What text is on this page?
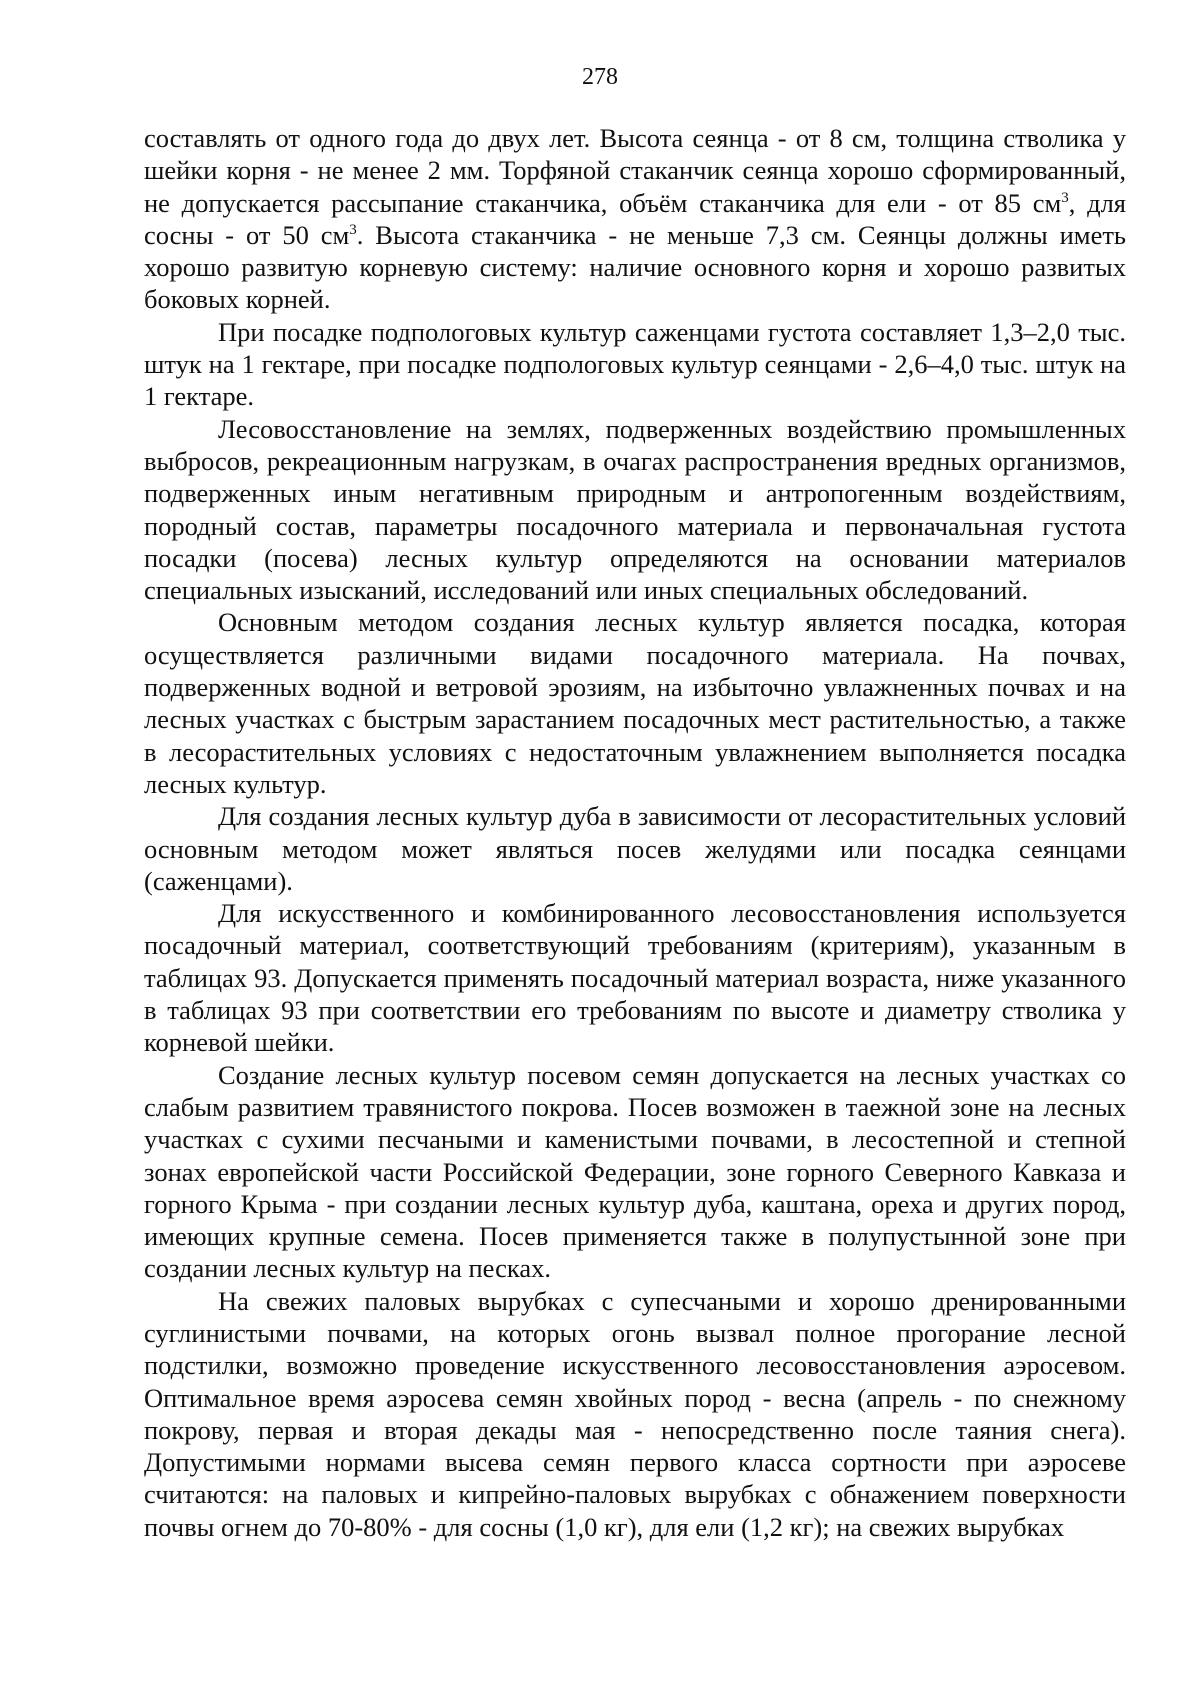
278

составлять от одного года до двух лет. Высота сеянца - от 8 см, толщина стволика у шейки корня - не менее 2 мм. Торфяной стаканчик сеянца хорошо сформированный, не допускается рассыпание стаканчика, объём стаканчика для ели - от 85 $см^3$, для сосны - от 50 $см^3$. Высота стаканчика - не меньше 7,3 см. Сеянцы должны иметь хорошо развитую корневую систему: наличие основного корня и хорошо развитых боковых корней.

При посадке подпологовых культур саженцами густота составляет 1,3–2,0 тыс. штук на 1 гектаре, при посадке подпологовых культур сеянцами - 2,6–4,0 тыс. штук на 1 гектаре.

Лесовосстановление на землях, подверженных воздействию промышленных выбросов, рекреационным нагрузкам, в очагах распространения вредных организмов, подверженных иным негативным природным и антропогенным воздействиям, породный состав, параметры посадочного материала и первоначальная густота посадки (посева) лесных культур определяются на основании материалов специальных изысканий, исследований или иных специальных обследований.

Основным методом создания лесных культур является посадка, которая осуществляется различными видами посадочного материала. На почвах, подверженных водной и ветровой эрозиям, на избыточно увлажненных почвах и на лесных участках с быстрым зарастанием посадочных мест растительностью, а также в лесорастительных условиях с недостаточным увлажнением выполняется посадка лесных культур.

Для создания лесных культур дуба в зависимости от лесорастительных условий основным методом может являться посев желудями или посадка сеянцами (саженцами).

Для искусственного и комбинированного лесовосстановления используется посадочный материал, соответствующий требованиям (критериям), указанным в таблицах 93. Допускается применять посадочный материал возраста, ниже указанного в таблицах 93 при соответствии его требованиям по высоте и диаметру стволика у корневой шейки.

Создание лесных культур посевом семян допускается на лесных участках со слабым развитием травянистого покрова. Посев возможен в таежной зоне на лесных участках с сухими песчаными и каменистыми почвами, в лесостепной и степной зонах европейской части Российской Федерации, зоне горного Северного Кавказа и горного Крыма - при создании лесных культур дуба, каштана, ореха и других пород, имеющих крупные семена. Посев применяется также в полупустынной зоне при создании лесных культур на песках.

На свежих паловых вырубках с супесчаными и хорошо дренированными суглинистыми почвами, на которых огонь вызвал полное прогорание лесной подстилки, возможно проведение искусственного лесовосстановления аэросевом. Оптимальное время аэросева семян хвойных пород - весна (апрель - по снежному покрову, первая и вторая декады мая - непосредственно после таяния снега). Допустимыми нормами высева семян первого класса сортности при аэросеве считаются: на паловых и кипрейно-паловых вырубках с обнажением поверхности почвы огнем до 70-80% - для сосны (1,0 кг), для ели (1,2 кг); на свежих вырубках
